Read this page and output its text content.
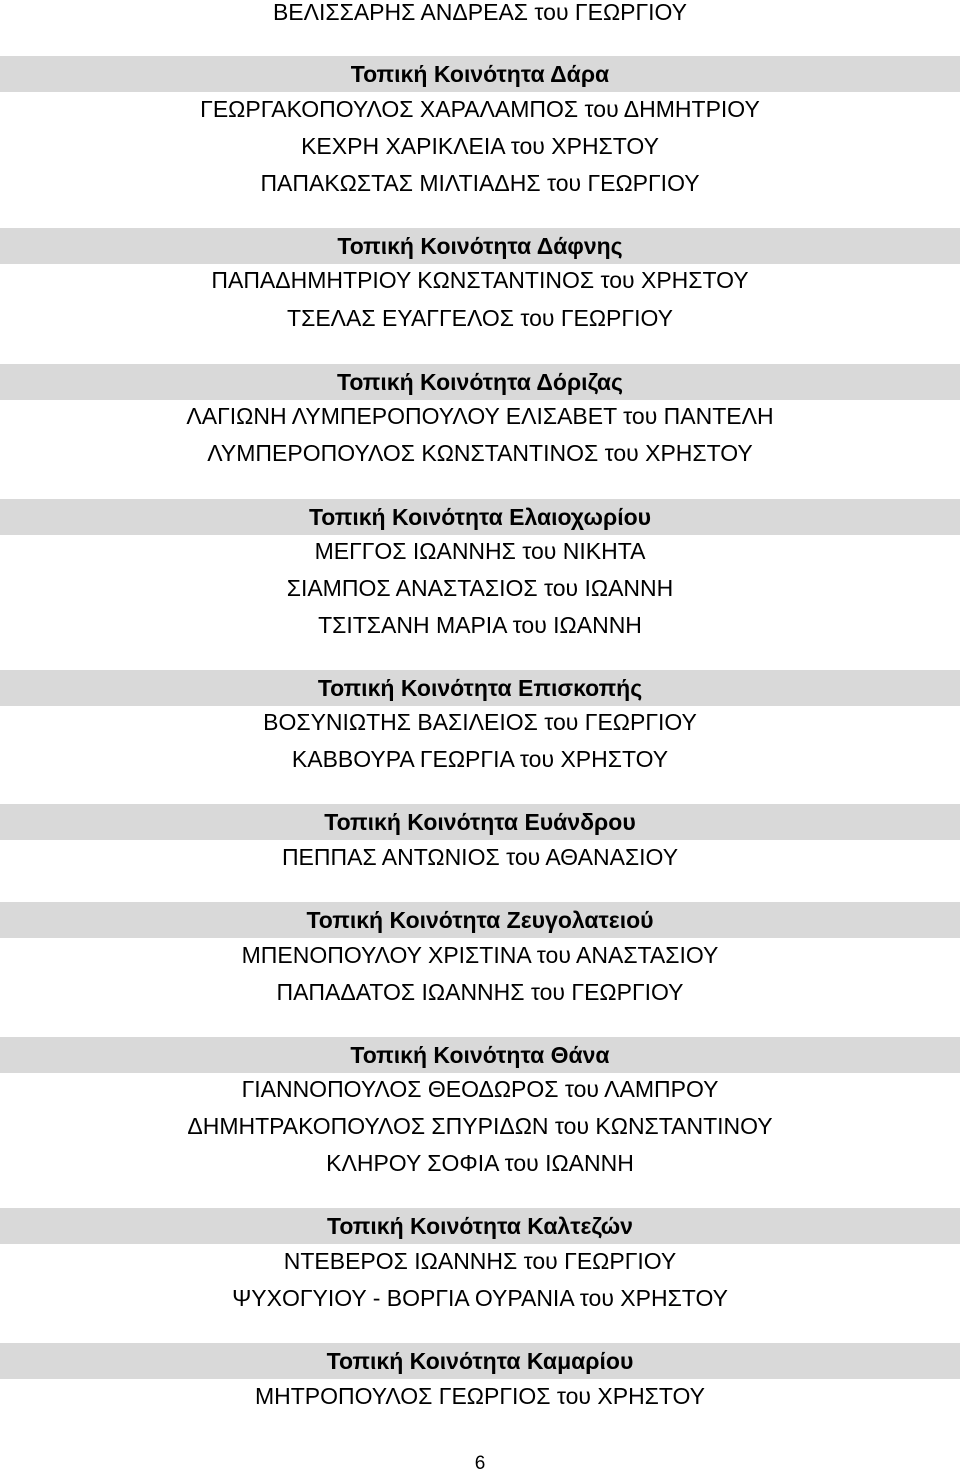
ΒΕΛΙΣΣΑΡΗΣ ΑΝΔΡΕΑΣ του ΓΕΩΡΓΙΟΥ
Τοπική Κοινότητα Δάρα
ΓΕΩΡΓΑΚΟΠΟΥΛΟΣ ΧΑΡΑΛΑΜΠΟΣ του ΔΗΜΗΤΡΙΟΥ
ΚΕΧΡΗ ΧΑΡΙΚΛΕΙΑ του ΧΡΗΣΤΟΥ
ΠΑΠΑΚΩΣΤΑΣ ΜΙΛΤΙΑΔΗΣ του ΓΕΩΡΓΙΟΥ
Τοπική Κοινότητα Δάφνης
ΠΑΠΑΔΗΜΗΤΡΙΟΥ ΚΩΝΣΤΑΝΤΙΝΟΣ του ΧΡΗΣΤΟΥ
ΤΣΕΛΑΣ ΕΥΑΓΓΕΛΟΣ του ΓΕΩΡΓΙΟΥ
Τοπική Κοινότητα Δόριζας
ΛΑΓΙΩΝΗ ΛΥΜΠΕΡΟΠΟΥΛΟΥ ΕΛΙΣΑΒΕΤ του ΠΑΝΤΕΛΗ
ΛΥΜΠΕΡΟΠΟΥΛΟΣ ΚΩΝΣΤΑΝΤΙΝΟΣ του ΧΡΗΣΤΟΥ
Τοπική Κοινότητα Ελαιοχωρίου
ΜΕΓΓΟΣ ΙΩΑΝΝΗΣ του ΝΙΚΗΤΑ
ΣΙΑΜΠΟΣ ΑΝΑΣΤΑΣΙΟΣ του ΙΩΑΝΝΗ
ΤΣΙΤΣΑΝΗ ΜΑΡΙΑ του ΙΩΑΝΝΗ
Τοπική Κοινότητα Επισκοπής
ΒΟΣΥΝΙΩΤΗΣ ΒΑΣΙΛΕΙΟΣ του ΓΕΩΡΓΙΟΥ
ΚΑΒΒΟΥΡΑ ΓΕΩΡΓΙΑ του ΧΡΗΣΤΟΥ
Τοπική Κοινότητα Ευάνδρου
ΠΕΠΠΑΣ ΑΝΤΩΝΙΟΣ του ΑΘΑΝΑΣΙΟΥ
Τοπική Κοινότητα Ζευγολατειού
ΜΠΕΝΟΠΟΥΛΟΥ ΧΡΙΣΤΙΝΑ του ΑΝΑΣΤΑΣΙΟΥ
ΠΑΠΑΔΑΤΟΣ ΙΩΑΝΝΗΣ του ΓΕΩΡΓΙΟΥ
Τοπική Κοινότητα Θάνα
ΓΙΑΝΝΟΠΟΥΛΟΣ ΘΕΟΔΩΡΟΣ του ΛΑΜΠΡΟΥ
ΔΗΜΗΤΡΑΚΟΠΟΥΛΟΣ ΣΠΥΡΙΔΩΝ του ΚΩΝΣΤΑΝΤΙΝΟΥ
ΚΛΗΡΟΥ ΣΟΦΙΑ του ΙΩΑΝΝΗ
Τοπική Κοινότητα Καλτεζών
ΝΤΕΒΕΡΟΣ ΙΩΑΝΝΗΣ του ΓΕΩΡΓΙΟΥ
ΨΥΧΟΓΥΙΟΥ - ΒΟΡΓΙΑ ΟΥΡΑΝΙΑ του ΧΡΗΣΤΟΥ
Τοπική Κοινότητα Καμαρίου
ΜΗΤΡΟΠΟΥΛΟΣ ΓΕΩΡΓΙΟΣ του ΧΡΗΣΤΟΥ
6
